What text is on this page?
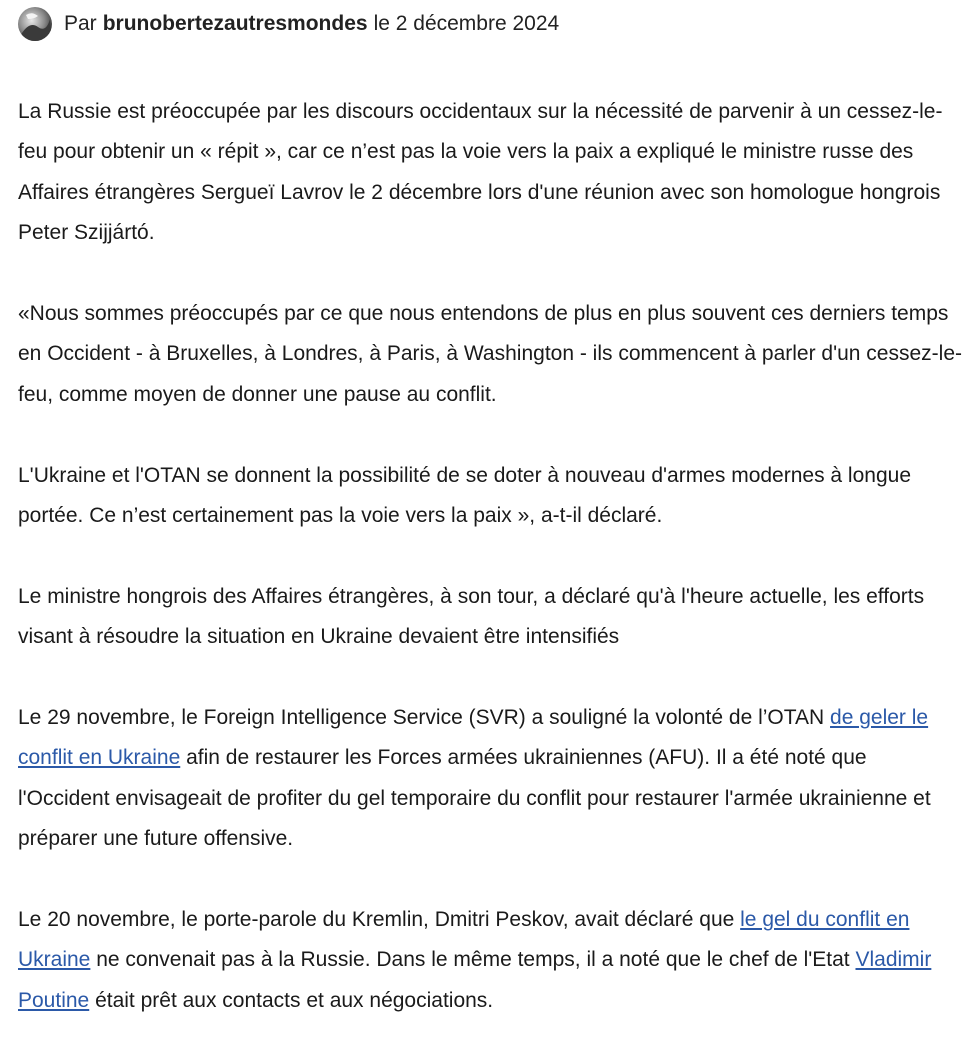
Par brunobertezautresmondes le 2 décembre 2024

La Russie est préoccupée par les discours occidentaux sur la nécessité de parvenir à un cessez-le-feu pour obtenir un « répit », car ce n’est pas la voie vers la paix a expliqué le ministre russe des Affaires étrangères Sergueï Lavrov le 2 décembre lors d'une réunion avec son homologue hongrois Peter Szijjártó.

«Nous sommes préoccupés par ce que nous entendons de plus en plus souvent ces derniers temps en Occident - à Bruxelles, à Londres, à Paris, à Washington - ils commencent à parler d'un cessez-le-feu, comme moyen de donner une pause au conflit.

L'Ukraine et l'OTAN se donnent la possibilité de se doter à nouveau d'armes modernes à longue portée. Ce n’est certainement pas la voie vers la paix », a-t-il déclaré.

Le ministre hongrois des Affaires étrangères, à son tour, a déclaré qu'à l'heure actuelle, les efforts visant à résoudre la situation en Ukraine devaient être intensifiés

Le 29 novembre, le Foreign Intelligence Service (SVR) a souligné la volonté de l’OTAN de geler le conflit en Ukraine afin de restaurer les Forces armées ukrainiennes (AFU). Il a été noté que l'Occident envisageait de profiter du gel temporaire du conflit pour restaurer l'armée ukrainienne et préparer une future offensive.

Le 20 novembre, le porte-parole du Kremlin, Dmitri Peskov, avait déclaré que le gel du conflit en Ukraine ne convenait pas à la Russie. Dans le même temps, il a noté que le chef de l'Etat Vladimir Poutine était prêt aux contacts et aux négociations.
